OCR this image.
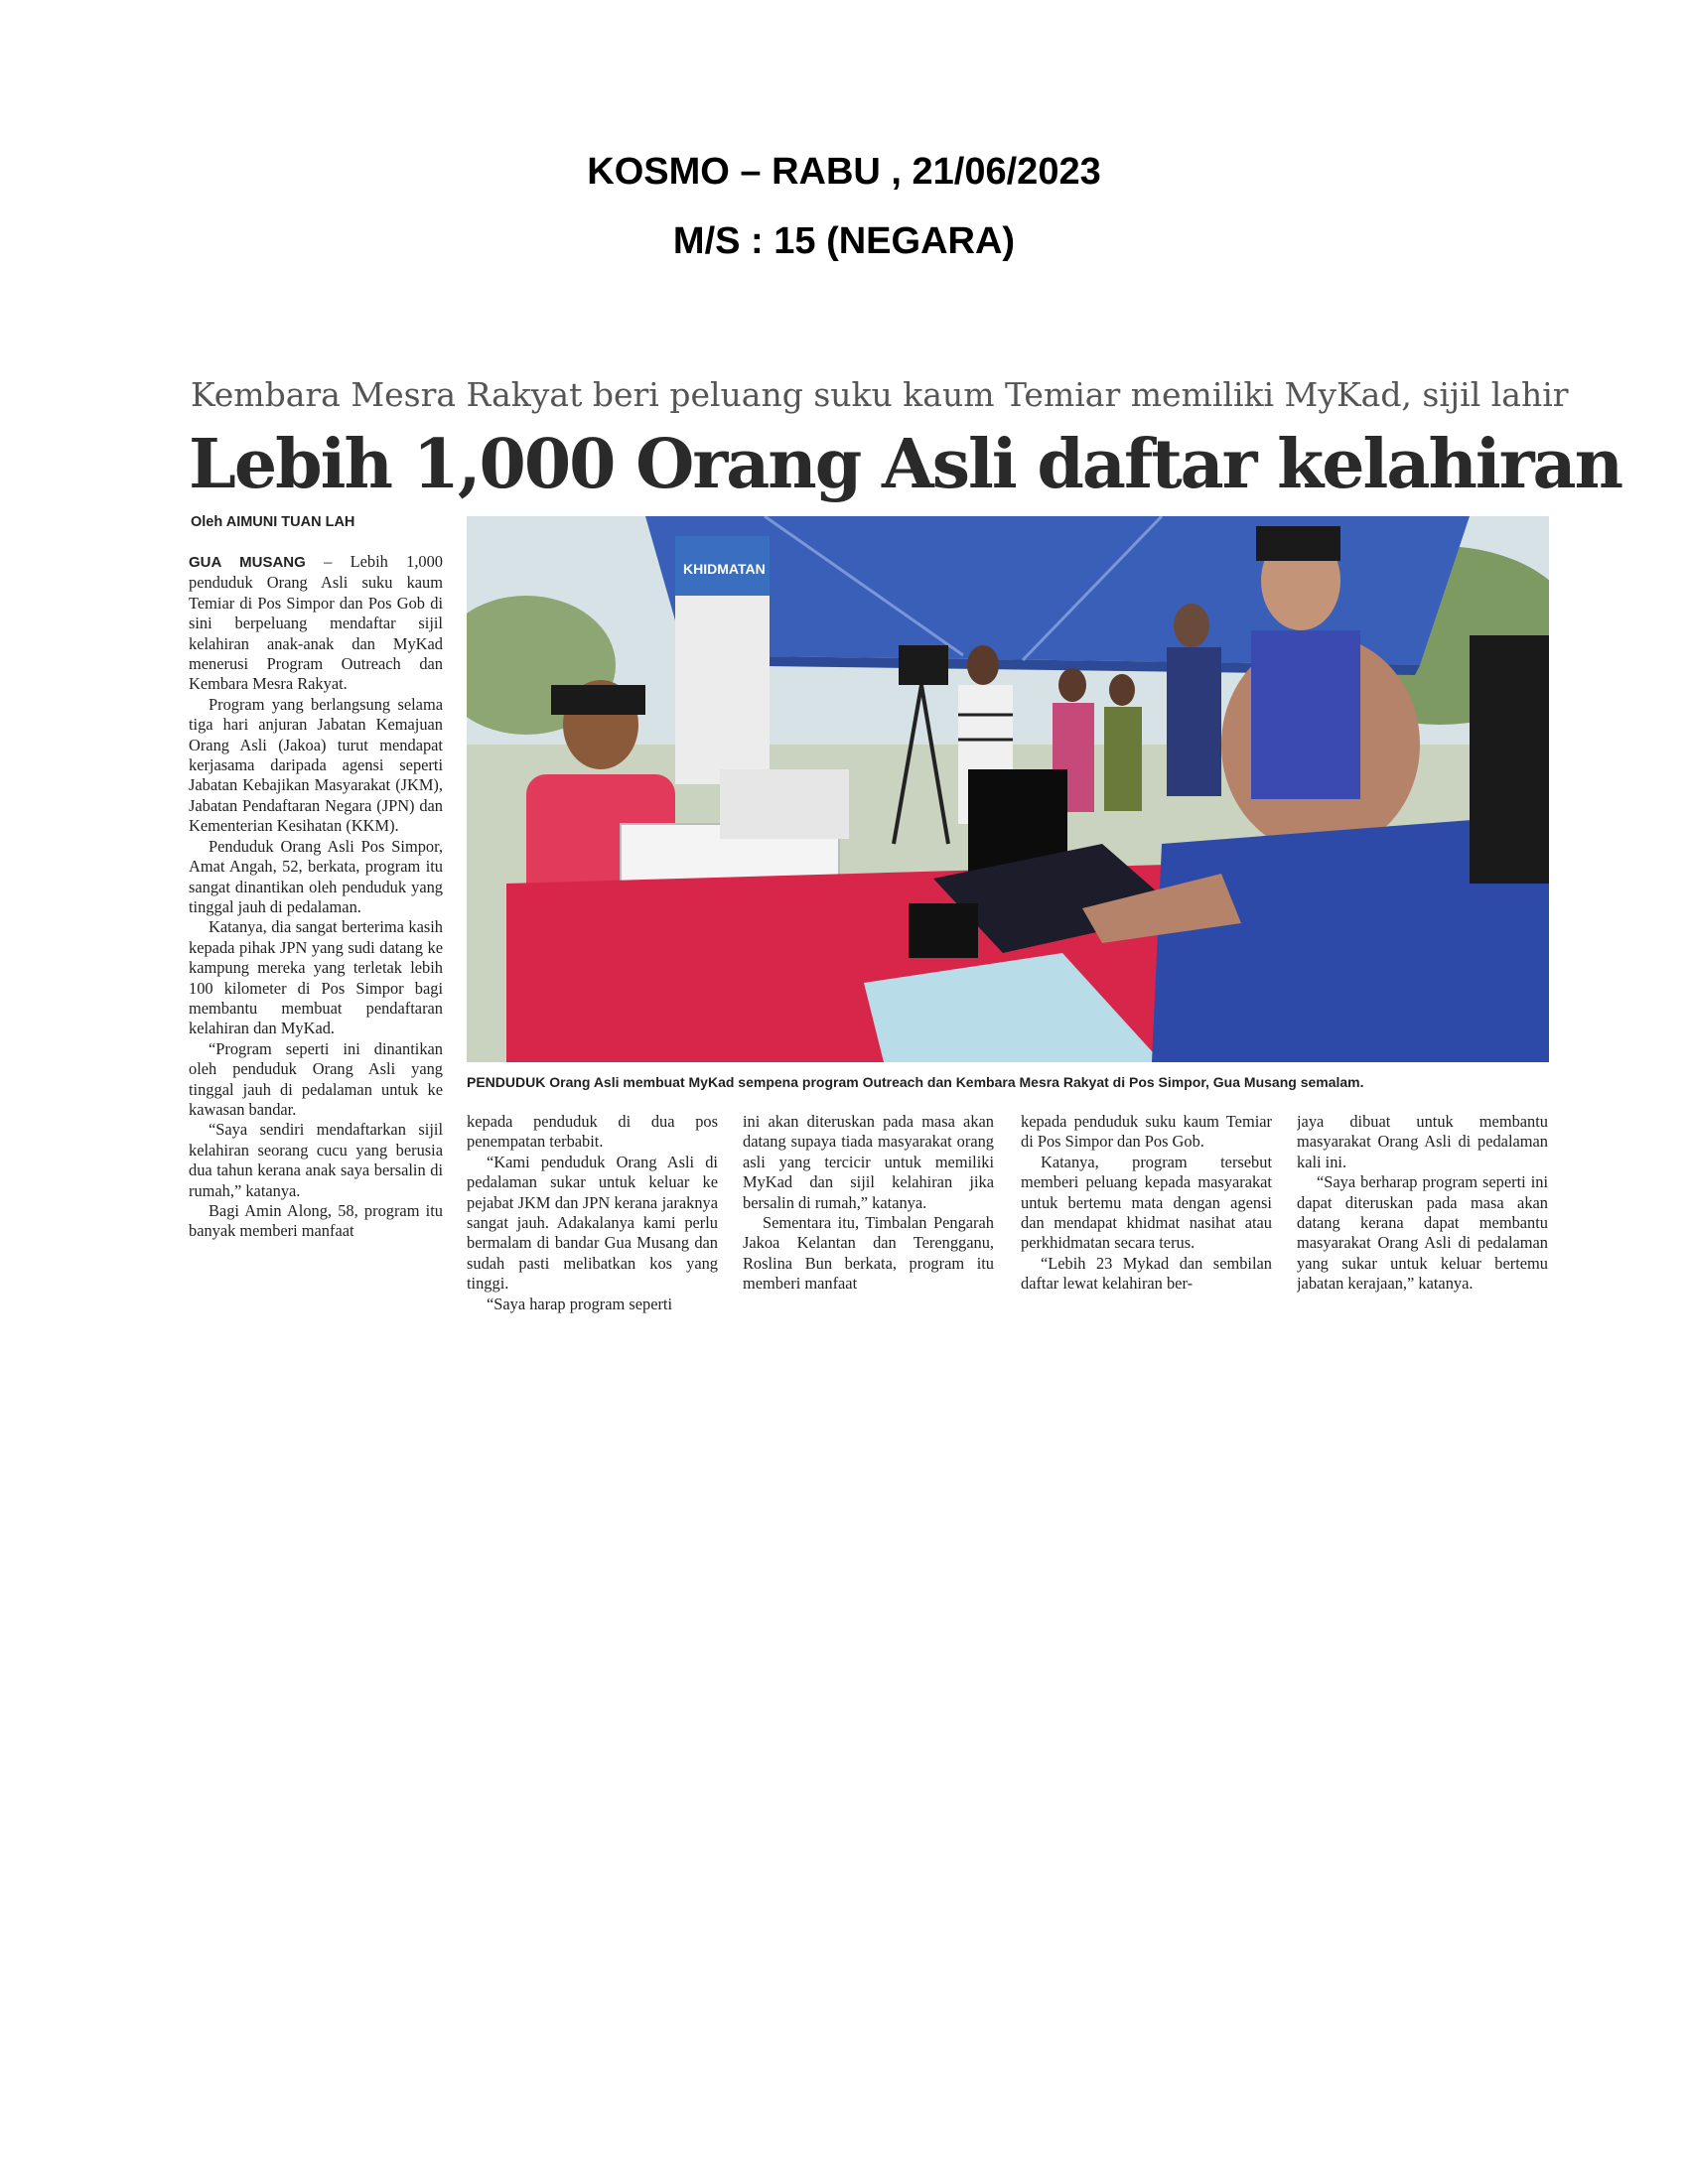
KOSMO – RABU , 21/06/2023
M/S : 15 (NEGARA)
Kembara Mesra Rakyat beri peluang suku kaum Temiar memiliki MyKad, sijil lahir
Lebih 1,000 Orang Asli daftar kelahiran
Oleh AIMUNI TUAN LAH

GUA MUSANG – Lebih 1,000 penduduk Orang Asli suku kaum Temiar di Pos Simpor dan Pos Gob di sini berpeluang mendaftar sijil kelahiran anak-anak dan MyKad menerusi Program Outreach dan Kembara Mesra Rakyat.

Program yang berlangsung selama tiga hari anjuran Jabatan Kemajuan Orang Asli (Jakoa) turut mendapat kerjasama daripada agensi seperti Jabatan Kebajikan Masyarakat (JKM), Jabatan Pendaftaran Negara (JPN) dan Kementerian Kesihatan (KKM).

Penduduk Orang Asli Pos Simpor, Amat Angah, 52, berkata, program itu sangat dinantikan oleh penduduk yang tinggal jauh di pedalaman.

Katanya, dia sangat berterima kasih kepada pihak JPN yang sudi datang ke kampung mereka yang terletak lebih 100 kilometer di Pos Simpor bagi membantu membuat pendaftaran kelahiran dan MyKad.

“Program seperti ini dinantikan oleh penduduk Orang Asli yang tinggal jauh di pedalaman untuk ke kawasan bandar.

“Saya sendiri mendaftarkan sijil kelahiran seorang cucu yang berusia dua tahun kerana anak saya bersalin di rumah,” katanya.

Bagi Amin Along, 58, program itu banyak memberi manfaat

KHIDMATAN
PENDUDUK Orang Asli membuat MyKad sempena program Outreach dan Kembara Mesra Rakyat di Pos Simpor, Gua Musang semalam.

kepada penduduk di dua pos penempatan terbabit.

“Kami penduduk Orang Asli di pedalaman sukar untuk keluar ke pejabat JKM dan JPN kerana jaraknya sangat jauh. Adakalanya kami perlu bermalam di bandar Gua Musang dan sudah pasti melibatkan kos yang tinggi.

“Saya harap program seperti

ini akan diteruskan pada masa akan datang supaya tiada masyarakat orang asli yang tercicir untuk memiliki MyKad dan sijil kelahiran jika bersalin di rumah,” katanya.

Sementara itu, Timbalan Pengarah Jakoa Kelantan dan Terengganu, Roslina Bun berkata, program itu memberi manfaat

kepada penduduk suku kaum Temiar di Pos Simpor dan Pos Gob.

Katanya, program tersebut memberi peluang kepada masyarakat untuk bertemu mata dengan agensi dan mendapat khidmat nasihat atau perkhidmatan secara terus.

“Lebih 23 Mykad dan sembilan daftar lewat kelahiran ber-

jaya dibuat untuk membantu masyarakat Orang Asli di pedalaman kali ini.

“Saya berharap program seperti ini dapat diteruskan pada masa akan datang kerana dapat membantu masyarakat Orang Asli di pedalaman yang sukar untuk keluar bertemu jabatan kerajaan,” katanya.
